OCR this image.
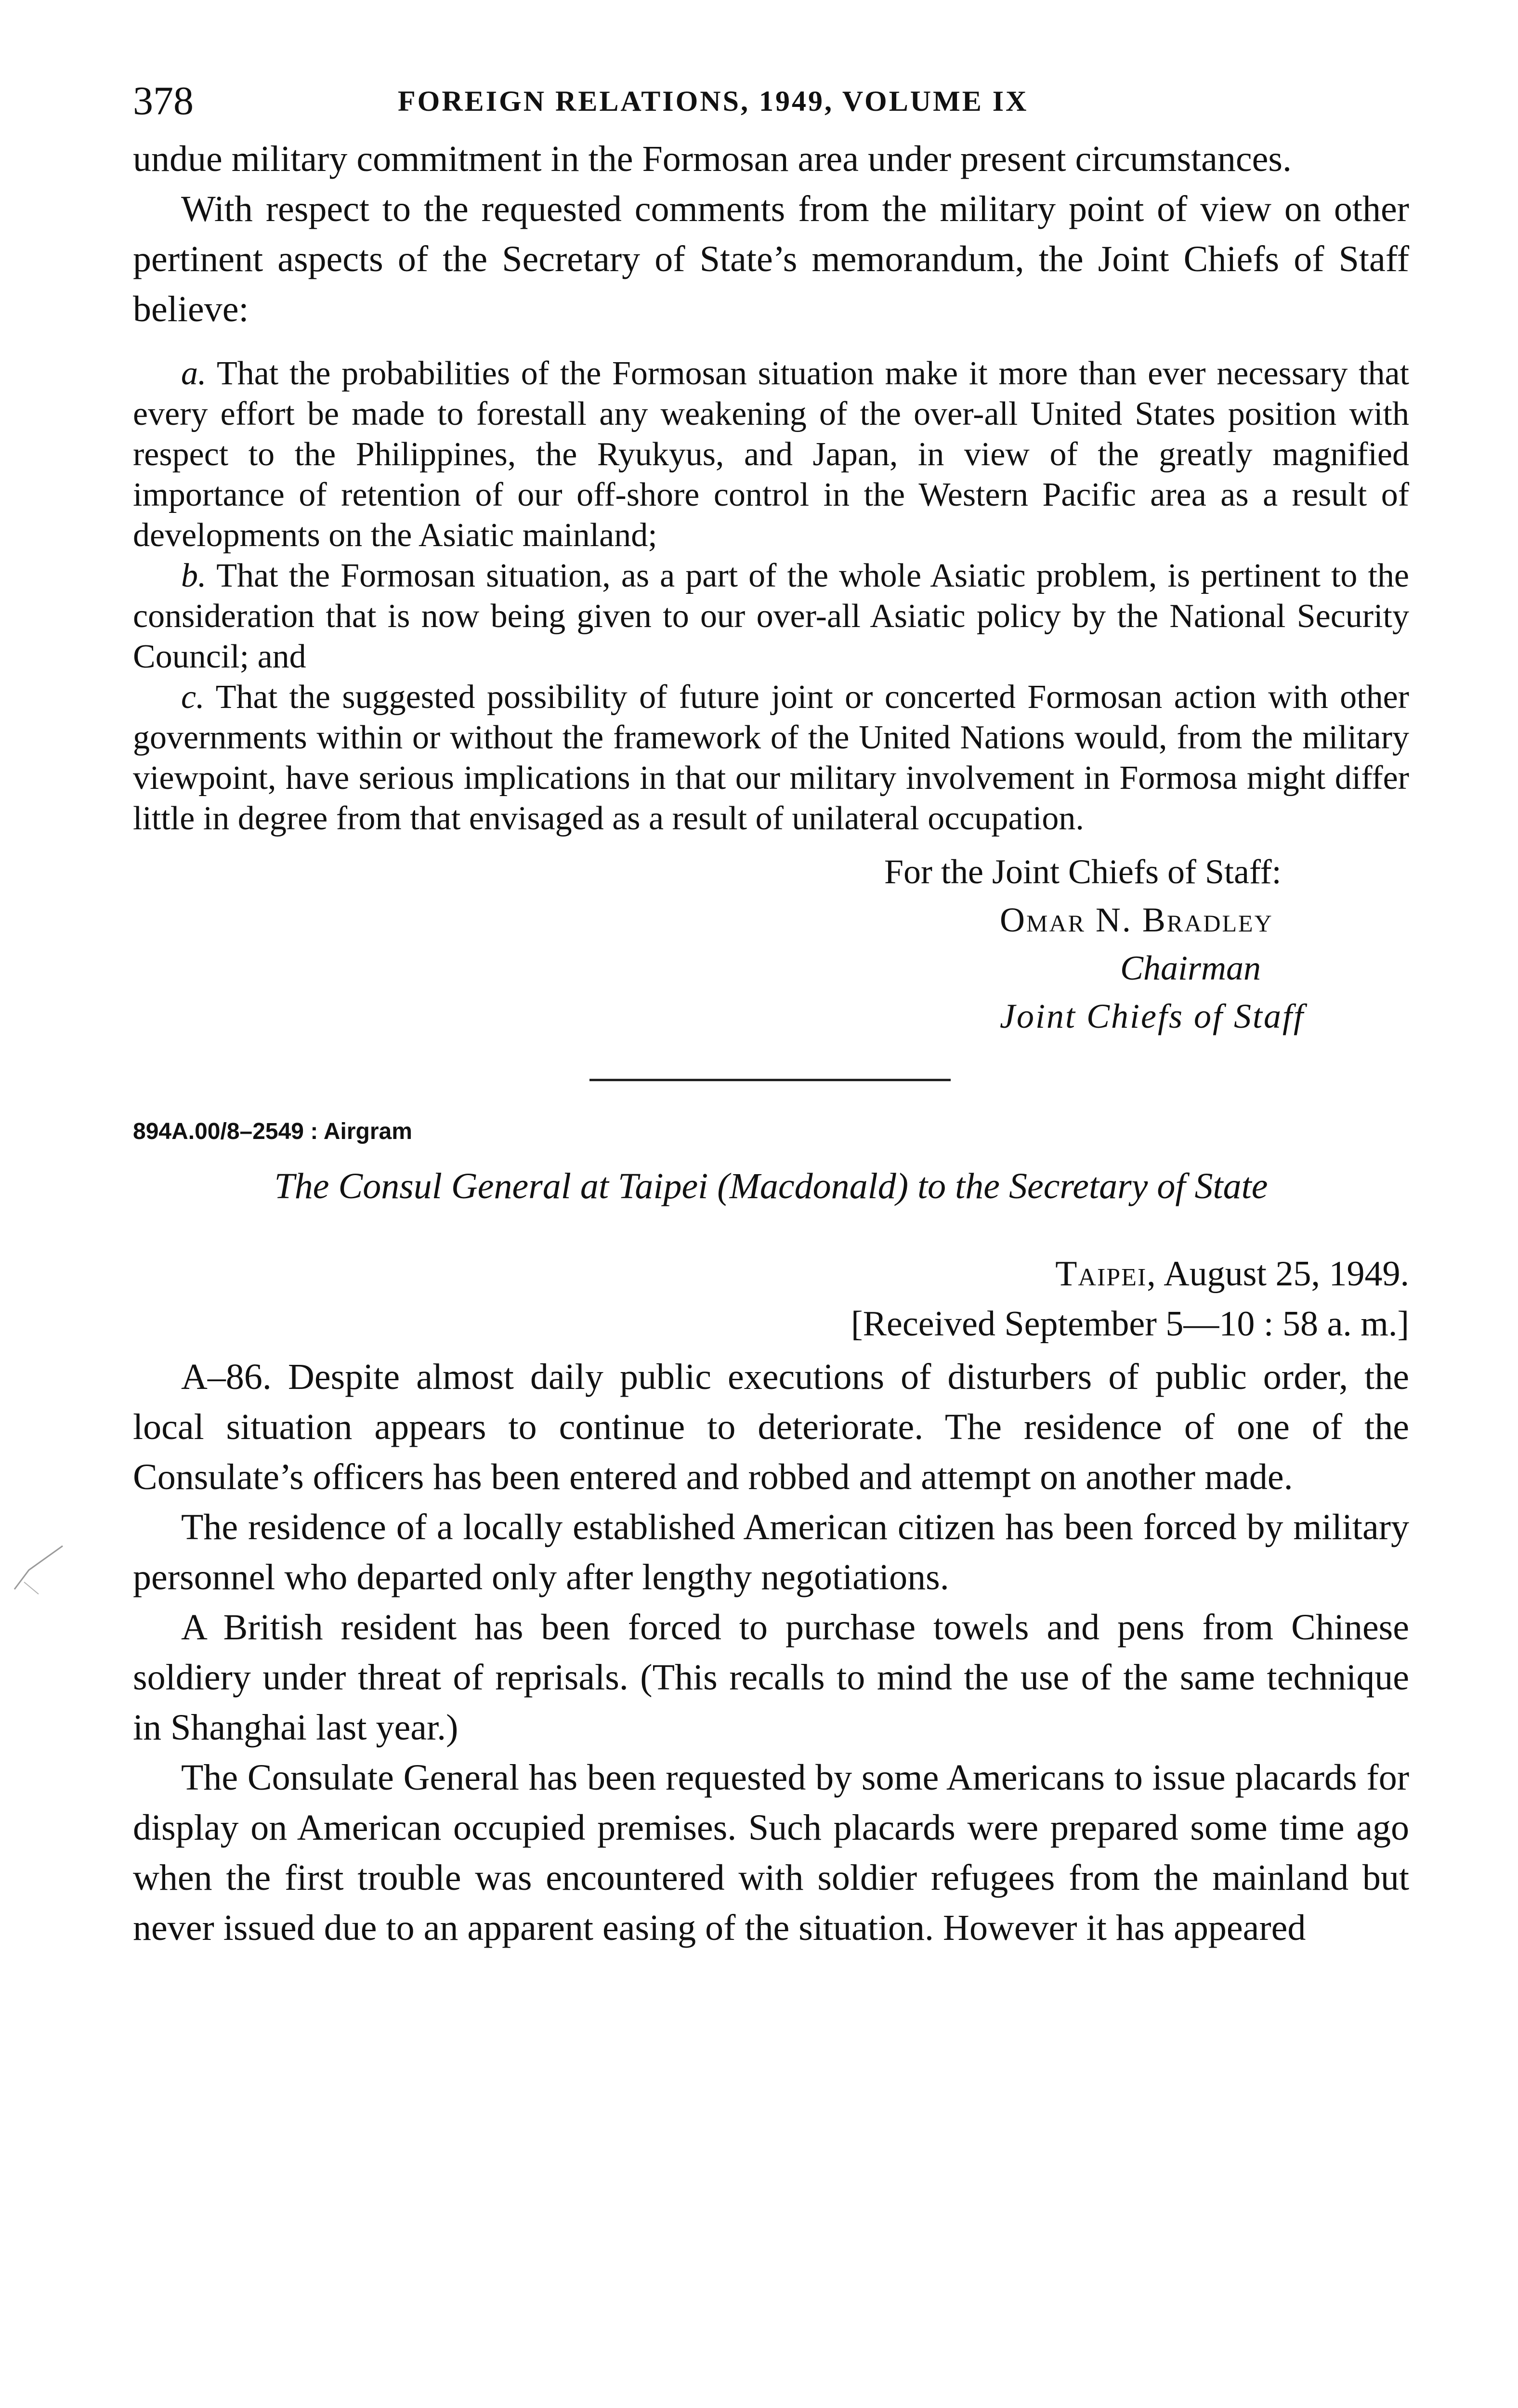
378	FOREIGN RELATIONS, 1949, VOLUME IX

undue military commitment in the Formosan area under present circumstances.

With respect to the requested comments from the military point of view on other pertinent aspects of the Secretary of State’s memorandum, the Joint Chiefs of Staff believe:

a. That the probabilities of the Formosan situation make it more than ever necessary that every effort be made to forestall any weakening of the over-all United States position with respect to the Philippines, the Ryukyus, and Japan, in view of the greatly magnified importance of retention of our off-shore control in the Western Pacific area as a result of developments on the Asiatic mainland;

b. That the Formosan situation, as a part of the whole Asiatic problem, is pertinent to the consideration that is now being given to our over-all Asiatic policy by the National Security Council; and

c. That the suggested possibility of future joint or concerted Formosan action with other governments within or without the framework of the United Nations would, from the military viewpoint, have serious implications in that our military involvement in Formosa might differ little in degree from that envisaged as a result of unilateral occupation.

For the Joint Chiefs of Staff:
Omar N. Bradley
Chairman
Joint Chiefs of Staff
894A.00/8–2549 : Airgram
The Consul General at Taipei (Macdonald) to the Secretary of State
Taipei, August 25, 1949.
[Received September 5—10 : 58 a. m.]

A–86. Despite almost daily public executions of disturbers of public order, the local situation appears to continue to deteriorate. The residence of one of the Consulate’s officers has been entered and robbed and attempt on another made.

The residence of a locally established American citizen has been forced by military personnel who departed only after lengthy negotiations.

A British resident has been forced to purchase towels and pens from Chinese soldiery under threat of reprisals. (This recalls to mind the use of the same technique in Shanghai last year.)

The Consulate General has been requested by some Americans to issue placards for display on American occupied premises. Such placards were prepared some time ago when the first trouble was encountered with soldier refugees from the mainland but never issued due to an apparent easing of the situation. However it has appeared
